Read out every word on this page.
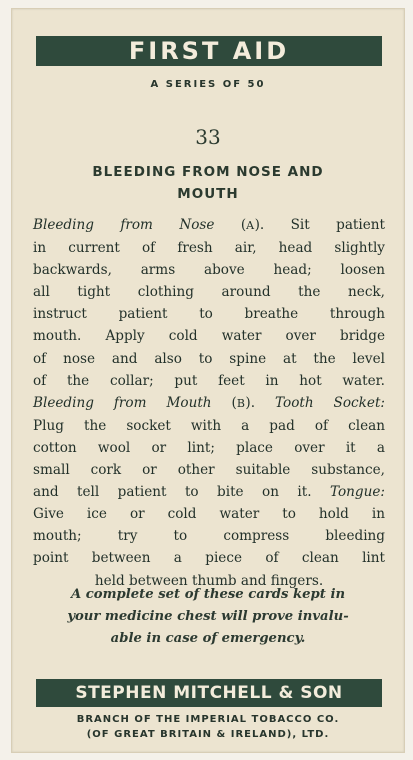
FIRST AID
A SERIES OF 50
33
BLEEDING FROM NOSE AND
MOUTH
Bleeding from Nose (A). Sit patient
in current of fresh air, head slightly
backwards, arms above head; loosen
all tight clothing around the neck,
instruct patient to breathe through
mouth. Apply cold water over bridge
of nose and also to spine at the level
of the collar; put feet in hot water.
Bleeding from Mouth (B). Tooth Socket:
Plug the socket with a pad of clean
cotton wool or lint; place over it a
small cork or other suitable substance,
and tell patient to bite on it. Tongue:
Give ice or cold water to hold in
mouth; try to compress bleeding
point between a piece of clean lint
held between thumb and fingers.
A complete set of these cards kept in
your medicine chest will prove invalu-
able in case of emergency.
STEPHEN MITCHELL & SON
BRANCH OF THE IMPERIAL TOBACCO CO.
(OF GREAT BRITAIN & IRELAND), LTD.
